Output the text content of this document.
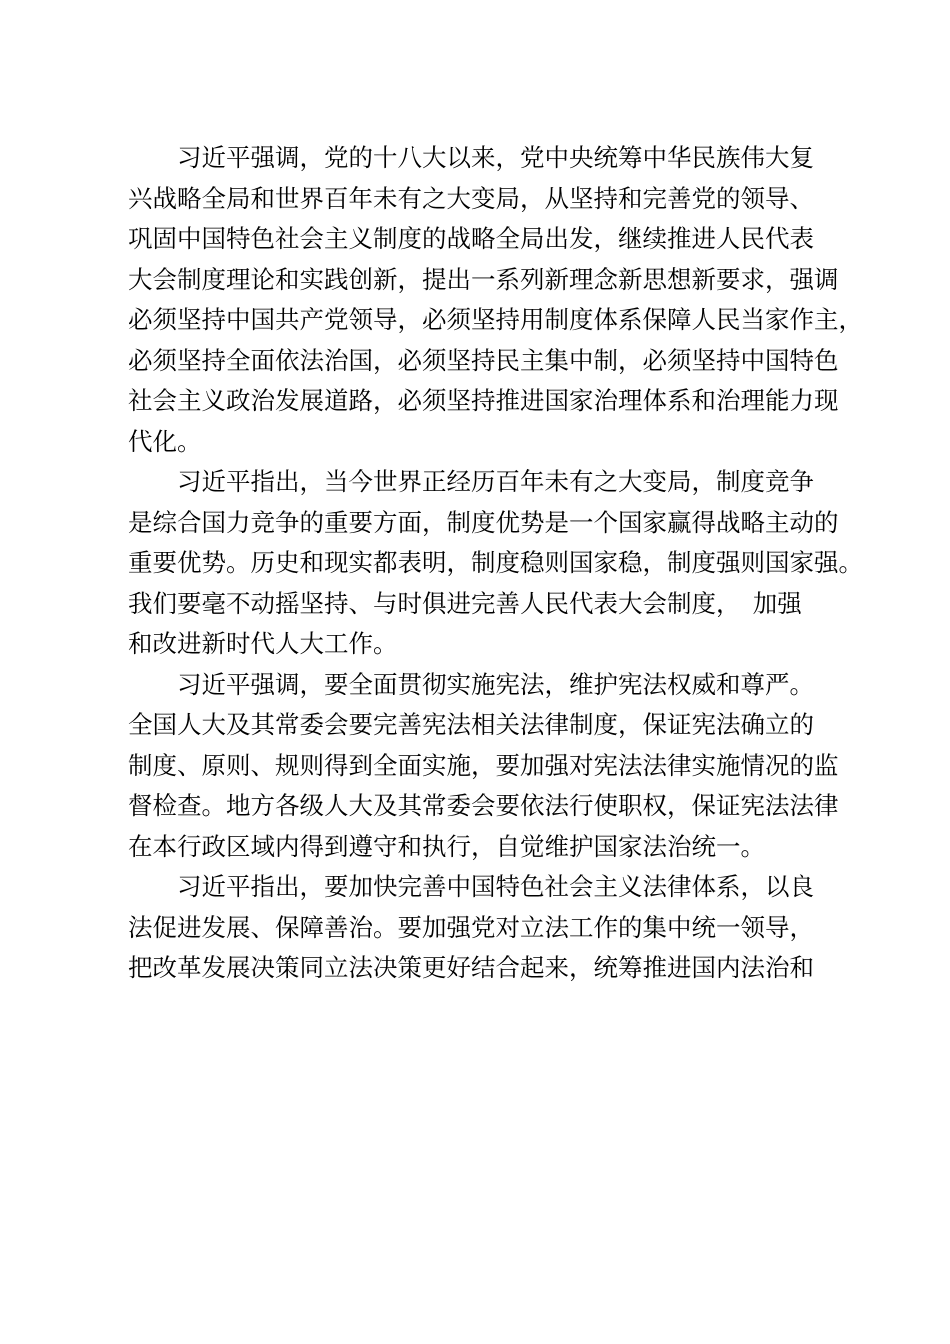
　　习近平强调，党的十八大以来，党中央统筹中华民族伟大复
兴战略全局和世界百年未有之大变局，从坚持和完善党的领导、
巩固中国特色社会主义制度的战略全局出发，继续推进人民代表
大会制度理论和实践创新，提出一系列新理念新思想新要求，强调
必须坚持中国共产党领导，必须坚持用制度体系保障人民当家作主，
必须坚持全面依法治国，必须坚持民主集中制，必须坚持中国特色
社会主义政治发展道路，必须坚持推进国家治理体系和治理能力现
代化。
　　习近平指出，当今世界正经历百年未有之大变局，制度竞争
是综合国力竞争的重要方面，制度优势是一个国家赢得战略主动的
重要优势。历史和现实都表明，制度稳则国家稳，制度强则国家强。
我们要毫不动摇坚持、与时俱进完善人民代表大会制度，　加强
和改进新时代人大工作。
　　习近平强调，要全面贯彻实施宪法，维护宪法权威和尊严。
全国人大及其常委会要完善宪法相关法律制度，保证宪法确立的
制度、原则、规则得到全面实施，要加强对宪法法律实施情况的监
督检查。地方各级人大及其常委会要依法行使职权，保证宪法法律
在本行政区域内得到遵守和执行，自觉维护国家法治统一。
　　习近平指出，要加快完善中国特色社会主义法律体系，以良
法促进发展、保障善治。要加强党对立法工作的集中统一领导，
把改革发展决策同立法决策更好结合起来，统筹推进国内法治和
